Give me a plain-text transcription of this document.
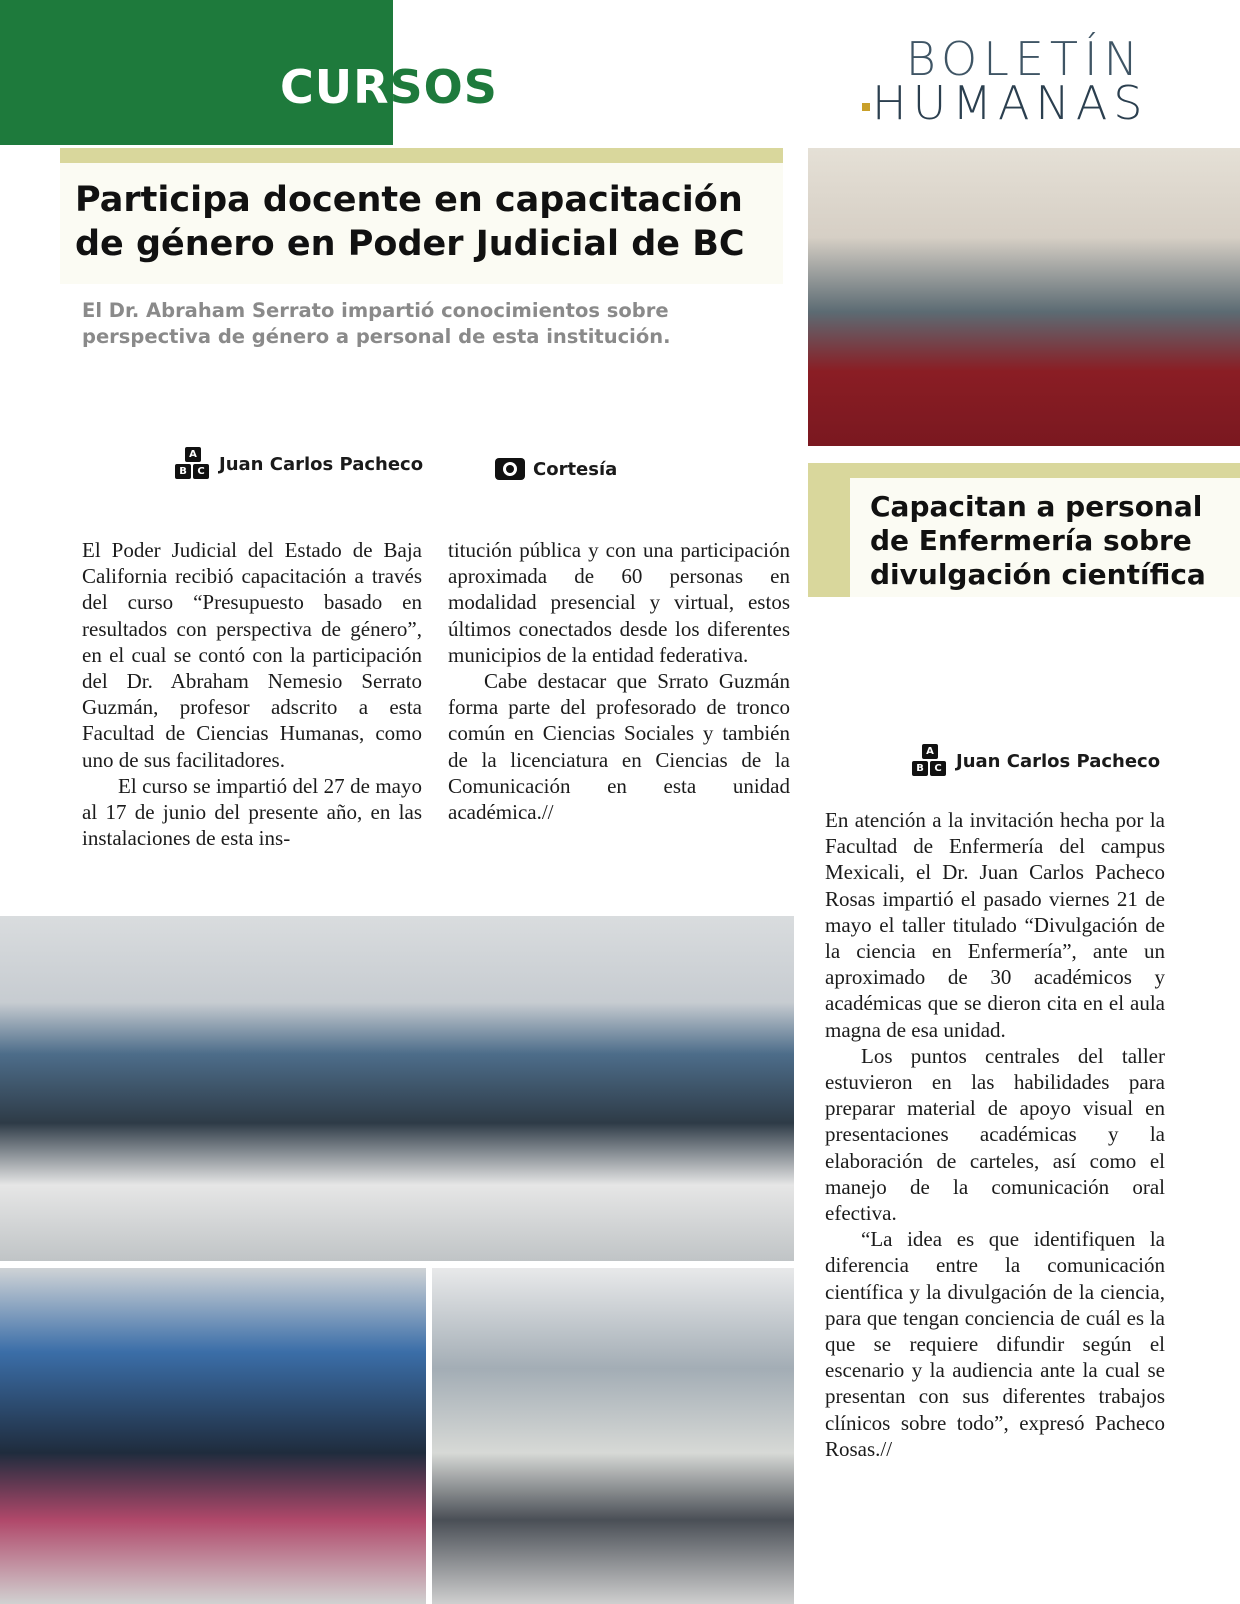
CURSOS
BOLETÍN
HUMANAS
Participa docente en capacitación de género en Poder Judicial de BC
El Dr. Abraham Serrato impartió conocimientos sobre perspectiva de género a personal de esta institución.
A
B	C Juan Carlos Pacheco	Cortesía

El Poder Judicial del Estado de Baja California recibió capacitación a través del curso “Presupuesto basado en resultados con perspectiva de género”, en el cual se contó con la participación del Dr. Abraham Nemesio Serrato Guzmán, profesor adscrito a esta Facultad de Ciencias Humanas, como uno de sus facilitadores.

El curso se impartió del 27 de mayo al 17 de junio del presente año, en las instalaciones de esta ins-

titución pública y con una participación aproximada de 60 personas en modalidad presencial y virtual, estos últimos conectados desde los diferentes municipios de la entidad federativa.

Cabe destacar que Srrato Guzmán forma parte del profesorado de tronco común en Ciencias Sociales y también de la licenciatura en Ciencias de la Comunicación en esta unidad académica.//

Capacitan a personal de Enfermería sobre divulgación científica
A
B	C Juan Carlos Pacheco

En atención a la invitación hecha por la Facultad de Enfermería del campus Mexicali, el Dr. Juan Carlos Pacheco Rosas impartió el pasado viernes 21 de mayo el taller titulado “Divulgación de la ciencia en Enfermería”, ante un aproximado de 30 académicos y académicas que se dieron cita en el aula magna de esa unidad.

Los puntos centrales del taller estuvieron en las habilidades para preparar material de apoyo visual en presentaciones académicas y la elaboración de carteles, así como el manejo de la comunicación oral efectiva.

“La idea es que identifiquen la diferencia entre la comunicación científica y la divulgación de la ciencia, para que tengan conciencia de cuál es la que se requiere difundir según el escenario y la audiencia ante la cual se presentan con sus diferentes trabajos clínicos sobre todo”, expresó Pacheco Rosas.//
